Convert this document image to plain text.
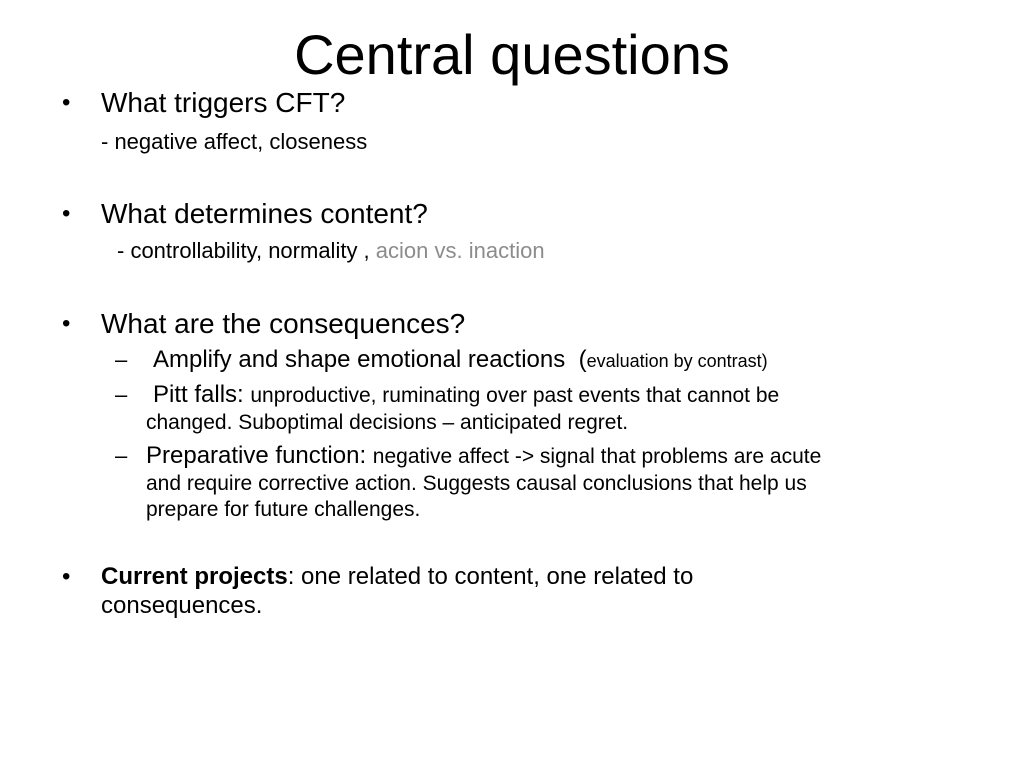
Central questions
• What triggers CFT?
- negative affect, closeness
• What determines content?
- controllability, normality , acion vs. inaction
• What are the consequences?
– Amplify and shape emotional reactions (evaluation by contrast)
– Pitt falls: unproductive, ruminating over past events that cannot be
changed. Suboptimal decisions – anticipated regret.
– Preparative function: negative affect -> signal that problems are acute
and require corrective action. Suggests causal conclusions that help us
prepare for future challenges.
• Current projects: one related to content, one related to
consequences.
